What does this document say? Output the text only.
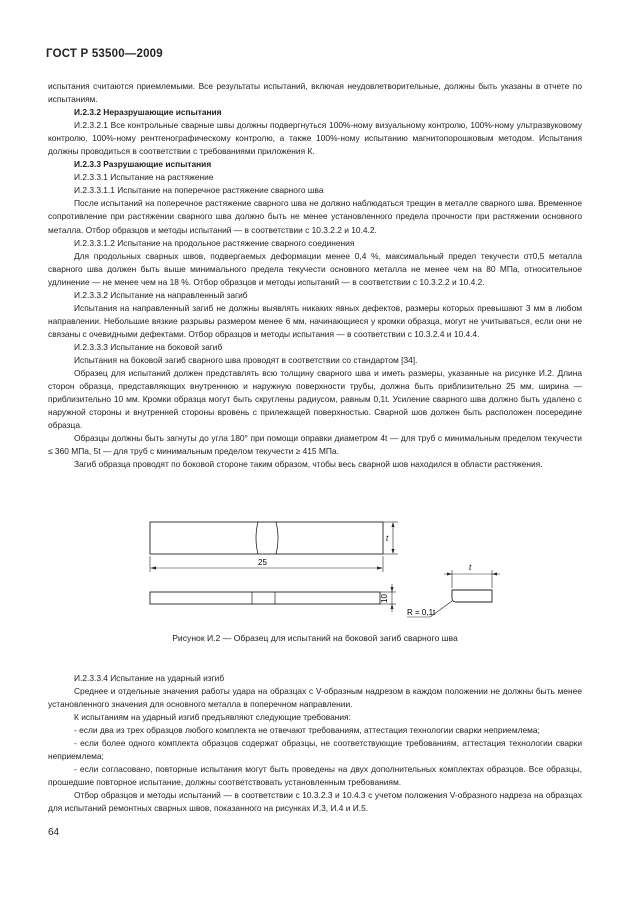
ГОСТ Р 53500—2009

испытания считаются приемлемыми. Все результаты испытаний, включая неудовлетворительные, должны быть указаны в отчете по испытаниям.

И.2.3.2 Неразрушающие испытания

И.2.3.2.1 Все контрольные сварные швы должны подвергнуться 100%-ному визуальному контролю, 100%-ному ультразвуковому контролю, 100%-ному рентгенографическому контролю, а также 100%-ному испытанию магнитопорошковым методом. Испытания должны проводиться в соответствии с требованиями приложения К.

И.2.3.3 Разрушающие испытания

И.2.3.3.1 Испытание на растяжение

И.2.3.3.1.1 Испытание на поперечное растяжение сварного шва

После испытаний на поперечное растяжение сварного шва не должно наблюдаться трещин в металле сварного шва. Временное сопротивление при растяжении сварного шва должно быть не менее установленного предела прочности при растяжении основного металла. Отбор образцов и методы испытаний — в соответствии с 10.3.2.2 и 10.4.2.

И.2.3.3.1.2 Испытание на продольное растяжение сварного соединения

Для продольных сварных швов, подвергаемых деформации менее 0,4 %, максимальный предел текучести σт0,5 металла сварного шва должен быть выше минимального предела текучести основного металла не менее чем на 80 МПа, относительное удлинение — не менее чем на 18 %. Отбор образцов и методы испытаний — в соответствии с 10.3.2.2 и 10.4.2.

И.2.3.3.2 Испытание на направленный загиб

Испытания на направленный загиб не должны выявлять никаких явных дефектов, размеры которых превышают 3 мм в любом направлении. Небольшие вязкие разрывы размером менее 6 мм, начинающиеся у кромки образца, могут не учитываться, если они не связаны с очевидными дефектами. Отбор образцов и методы испытания — в соответствии с 10.3.2.4 и 10.4.4.

И.2.3.3.3 Испытание на боковой загиб

Испытания на боковой загиб сварного шва проводят в соответствии со стандартом [34].

Образец для испытаний должен представлять всю толщину сварного шва и иметь размеры, указанные на рисунке И.2. Длина сторон образца, представляющих внутреннюю и наружную поверхности трубы, должна быть приблизительно 25 мм, ширина — приблизительно 10 мм. Кромки образца могут быть скруглены радиусом, равным 0,1t. Усиление сварного шва должно быть удалено с наружной стороны и внутренней стороны вровень с прилежащей поверхностью. Сварной шов должен быть расположен посередине образца.

Образцы должны быть загнуты до угла 180° при помощи оправки диаметром 4t — для труб с минимальным пределом текучести ≤ 360 МПа, 5t — для труб с минимальным пределом текучести ≥ 415 МПа.

Загиб образца проводят по боковой стороне таким образом, чтобы весь сварной шов находился в области растяжения.

t
25
10
t
R = 0,1t
Рисунок И.2 — Образец для испытаний на боковой загиб сварного шва

И.2.3.3.4 Испытание на ударный изгиб

Среднее и отдельные значения работы удара на образцах с V-образным надрезом в каждом положении не должны быть менее установленного значения для основного металла в поперечном направлении.

К испытаниям на ударный изгиб предъявляют следующие требования:

- если два из трех образцов любого комплекта не отвечают требованиям, аттестация технологии сварки неприемлема;

- если более одного комплекта образцов содержат образцы, не соответствующие требованиям, аттестация технологии сварки неприемлема;

- если согласовано, повторные испытания могут быть проведены на двух дополнительных комплектах образцов. Все образцы, прошедшие повторное испытание, должны соответствовать установленным требованиям.

Отбор образцов и методы испытаний — в соответствии с 10.3.2.3 и 10.4.3 с учетом положения V-образного надреза на образцах для испытаний ремонтных сварных швов, показанного на рисунках И.3, И.4 и И.5.

64
